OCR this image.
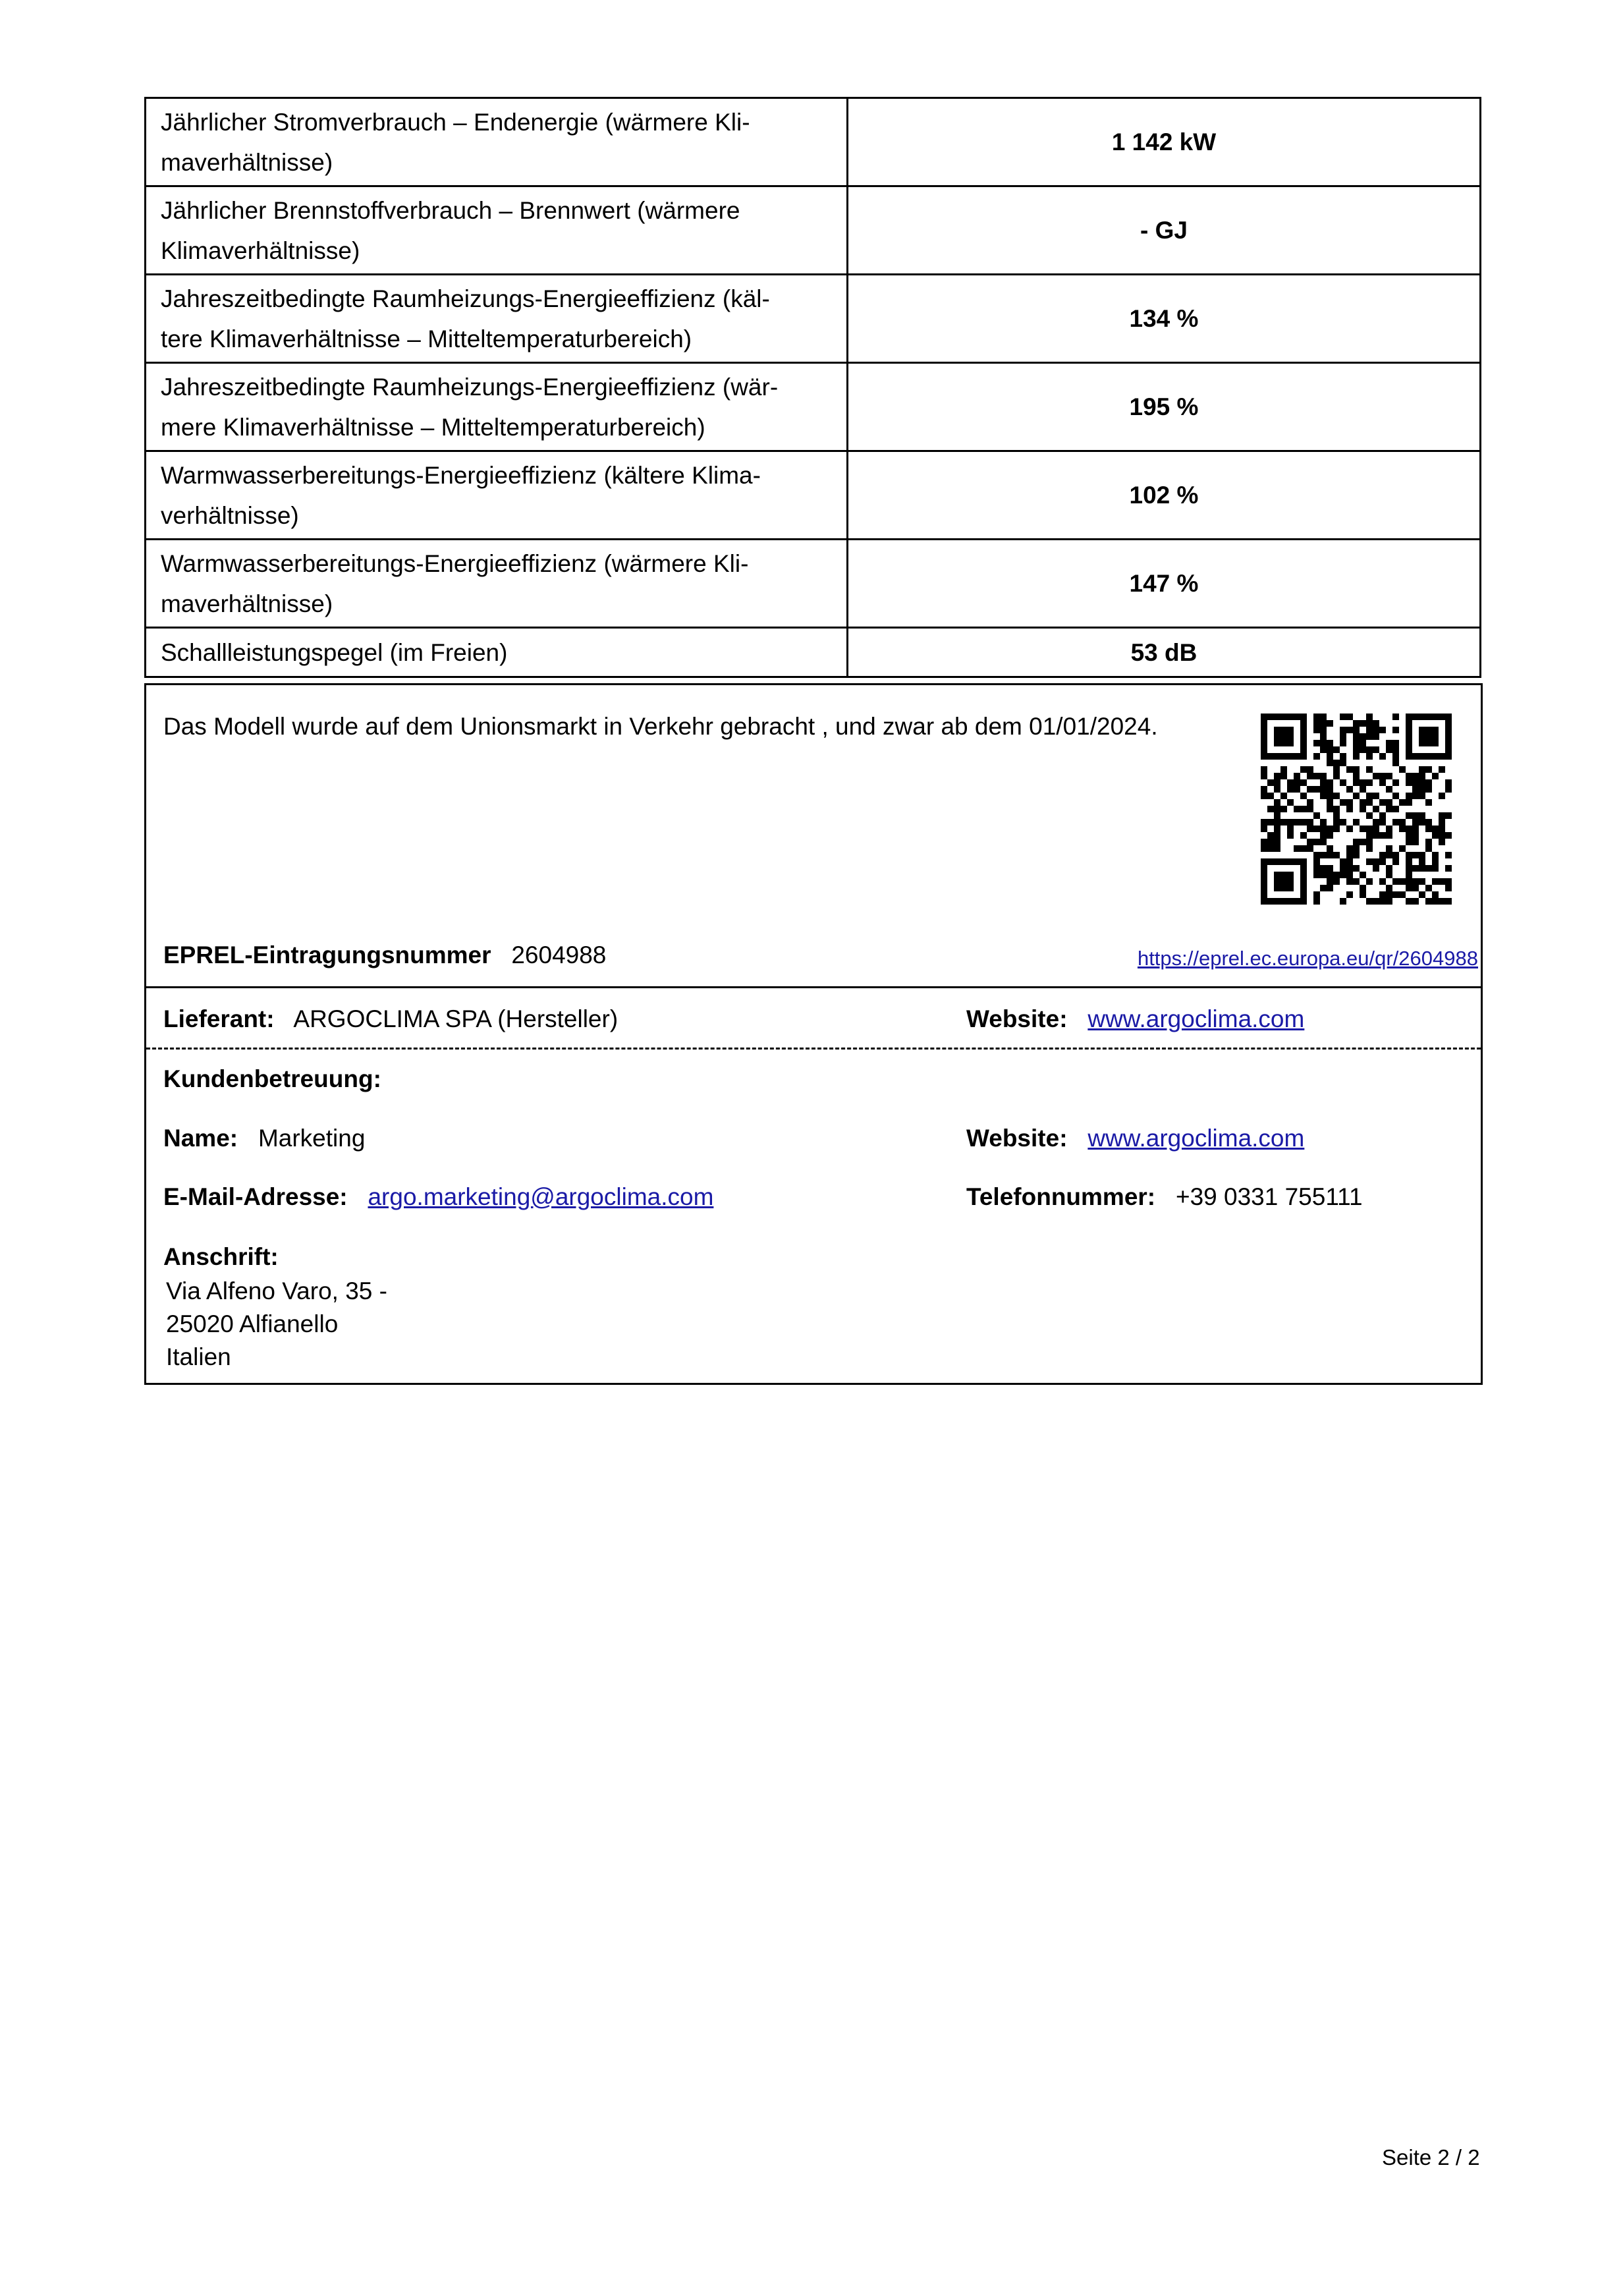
Jährlicher Stromverbrauch – Endenergie (wärmere Kli-
maverhältnisse)	1 142 kW
Jährlicher Brennstoffverbrauch – Brennwert (wärmere
Klimaverhältnisse)	- GJ
Jahreszeitbedingte Raumheizungs-Energieeffizienz (käl-
tere Klimaverhältnisse – Mitteltemperaturbereich)	134 %
Jahreszeitbedingte Raumheizungs-Energieeffizienz (wär-
mere Klimaverhältnisse – Mitteltemperaturbereich)	195 %
Warmwasserbereitungs-Energieeffizienz (kältere Klima-
verhältnisse)	102 %
Warmwasserbereitungs-Energieeffizienz (wärmere Kli-
maverhältnisse)	147 %
Schallleistungspegel (im Freien)	53 dB
Das Modell wurde auf dem Unionsmarkt in Verkehr gebracht , und zwar ab dem 01/01/2024.
EPREL-Eintragungsnummer 2604988	https://eprel.ec.europa.eu/qr/2604988
Lieferant: ARGOCLIMA SPA (Hersteller)	Website: www.argoclima.com
Kundenbetreuung:
Name: Marketing	Website: www.argoclima.com
E-Mail-Adresse: argo.marketing@argoclima.com	Telefonnummer: +39 0331 755111
Anschrift:
Via Alfeno Varo, 35 -
25020 Alfianello
Italien
Seite 2 / 2
